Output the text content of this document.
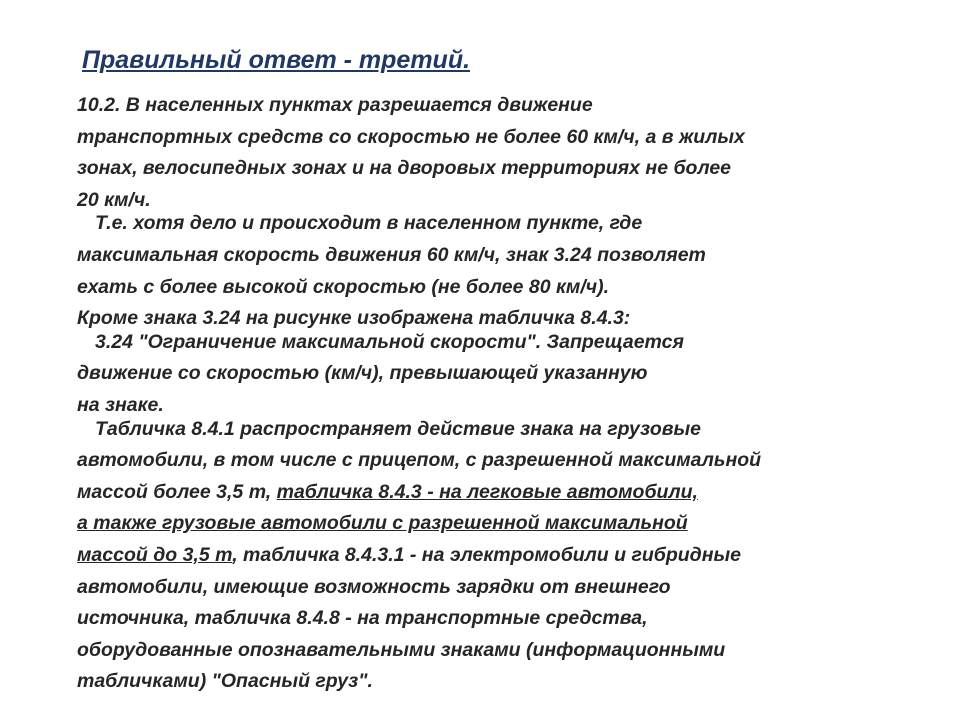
Правильный ответ - третий.
10.2. В населенных пунктах разрешается движение
транспортных средств со скоростью не более 60 км/ч, а в жилых
зонах, велосипедных зонах и на дворовых территориях не более
20 км/ч.
Т.е. хотя дело и происходит в населенном пункте, где
максимальная скорость движения 60 км/ч, знак 3.24 позволяет
ехать с более высокой скоростью (не более 80 км/ч).
Кроме знака 3.24 на рисунке изображена табличка 8.4.3:
3.24 "Ограничение максимальной скорости". Запрещается
движение со скоростью (км/ч), превышающей указанную
на знаке.
Табличка 8.4.1 распространяет действие знака на грузовые
автомобили, в том числе с прицепом, с разрешенной максимальной
массой более 3,5 т, табличка 8.4.3 - на легковые автомобили,
а также грузовые автомобили с разрешенной максимальной
массой до 3,5 т, табличка 8.4.3.1 - на электромобили и гибридные
автомобили, имеющие возможность зарядки от внешнего
источника, табличка 8.4.8 - на транспортные средства,
оборудованные опознавательными знаками (информационными
табличками) "Опасный груз".
